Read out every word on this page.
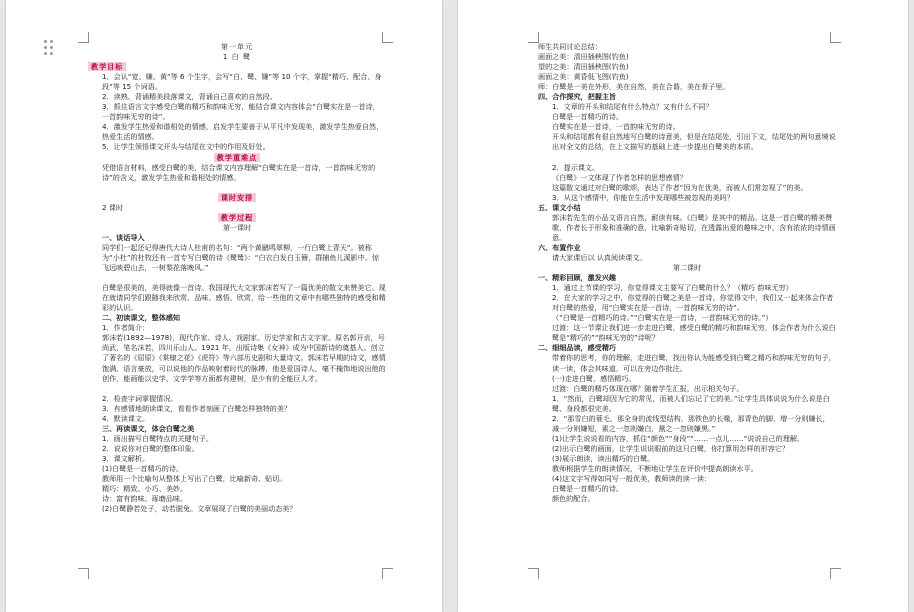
第一单元
1 白 鹭
教学目标
1．会认“宽、嫌、黄”等 6 个生字，会写“白、鹭、嫌”等 10 个字，掌握“精巧、配合、身段”等 15 个词语。
2．读熟、背诵精美段落课文，背诵自己喜欢的自然段。
3．抓住语言文字感受白鹭的精巧和韵味无穷，能结合课文内容体会“白鹭实在是一首诗，一首韵味无穷的诗”。
4．激发学生热爱和谐相处的情感，启发学生要善于从平凡中发现美，激发学生热爱自然，热爱生活的情感。
5．让学生领悟课文开头与结尾在文中的作用及好处。
教学重难点
凭借语言材料，感受白鹭的美，结合课文内容理解“白鹭实在是一首诗，一首韵味无穷的诗”的含义，激发学生热爱和谐相处的情感。
课时安排
2 课时
教学过程
第一课时
一、谈话导入
同学们一起还记得唐代大诗人杜甫的名句：“两个黄鹂鸣翠柳，一行白鹭上青天”。被称为“小杜”的杜牧还有一首专写白鹭的诗《鹭鸶》：“白衣白发白玉簪，群捕鱼儿溪影中。惊飞远映碧山去，一树梨花落晚风。”
白鹭是很美的，美得就像一首诗。我国现代大文家郭沫若写了一篇优美的散文来赞美它。现在就请同学们跟随我来欣赏、品味、感悟、欣赏，给一些他的文章中有哪些独特的感受和精彩的认识。
二、初读课文，整体感知
1．作者简介：
郭沫若(1892—1978)，现代作家、诗人、戏剧家、历史学家和古文字家。原名郭开贞，号尚武，笔名沫若，四川乐山人。1921 年，出版诗集《女神》成为中国新诗的奠基人。创立了著名的《屈原》《棠棣之花》《虎符》等六部历史剧和大量诗文。郭沫若早期的诗文，感情饱满、语言豪放，可以说他的作品映射着时代的脉搏，他是爱国诗人，毫不掩饰地说出他的创作，能画能以史学、文学学等方面都有建树，是少有的全能巨人才。
2．检查字词掌握情况。
3．有感情地朗读课文，看看作者刻画了白鹭怎样独特的美？
4．默读课文。
三、再读课文，体会白鹭之美
1．画出描写白鹭特点的关键句子。
2．说说你对白鹭的整体印象。
3．课文解析。
(1)白鹭是一首精巧的诗。
教师用一个比喻句从整体上写出了白鹭，比喻新奇、贴切。
精巧：精致、小巧、美妙。
诗：富有韵味、琢磨品味。
(2)白鹭静若处子，动若脱兔。文章展现了白鹭的美丽动态美？
师生共同讨论总结：
画面之美：清田插秧图(钓鱼)
望的之美：清田插秧图(钓鱼)
画面之美：黄昏低飞图(钓鱼)
师：白鹭是一美在外形，美在自然，美在合谐，美在骨子里。
四、合作探究，把握主旨
1．文章的开头和结尾有什么特点？又有什么不同？
白鹭是一首精巧的诗。
白鹭实在是一首诗，一首韵味无穷的诗。
开头和结尾都有很自然地写白鹭的诗意美，但是在结尾处，引出下文，结尾处的两句意境说出对全文的总结，在上文描写的基础上进一步提出白鹭美的本质。
2．提示课文。
《白鹭》一文体现了作者怎样的思想感情？
这篇散文通过对白鹭的歌颂，表达了作者“因为在优美，而被人们常忽视了”的美。
3．从这个感情中，你能在生活中发现哪些被忽视的美吗？
五、课文小结
郭沫若先生的小品文语言自然，耐读有味。《白鹭》是其中的精品。这是一首白鹭的精美赞歌，作者长于形象和准确的意，比喻新奇贴切，在透露出爱的趣味之中，含有浓浓的诗情画意。
六、布置作业
请大家课后以 认真阅读课文。
第二课时
一、精彩回顾，激发兴趣
1．通过上节课的学习，你觉得课文主要写了白鹭的什么？（精巧 韵味无穷）
2．在大家的学习之中，你觉得的白鹭之美是一首诗，你觉得文中，我们又一起来体会作者对白鹭的热爱，用“白鹭实在是一首诗，一首韵味无穷的诗”。
（“白鹭是一首精巧的诗。”“白鹭实在是一首诗，一首韵味无穷的诗。”）
过渡：这一节课让我们进一步走进白鹭，感受白鹭的精巧和韵味无穷，体会作者为什么说白鹭是“精巧的”“韵味无穷的”诗呢？
二、细细品读，感受精巧
带着你的思考，你的理解，走进白鹭，找出你认为能感受到白鹭之精巧和韵味无穷的句子，读一读，体会其味道，可以在旁边作批注。
(一)走进白鹭，感悟精巧。
过渡：白鹭的精巧体现在哪？随着学生汇报，出示相关句子。
1．“然而，白鹭却因为它的常见，而被人们忘记了它的美。”让学生具体说说为什么说是白鹭、身段都很完美。
2．“那雪白的蓑毛，那全身的流线型结构，那铁色的长喙，那青色的脚，增一分则嫌长，减一分则嫌短，素之一忽则嫌白，黛之一忽则嫌黑。”
(1)让学生说说看的内容，抓住“颜色”“身段”“……一点儿……”说说自己的理解。
(2)出示白鹭的画面，让学生说说眼前的这只白鹭，你打算用怎样的形容它？
(3)展示朗读，读出精巧的白鹭。
教师根据学生的朗读情况，不断地让学生在评价中提高朗读水平。
(4)这文字写得如同写一般优美，教师读的读一读：
白鹭是一首精巧的诗。
颜色的配合。
